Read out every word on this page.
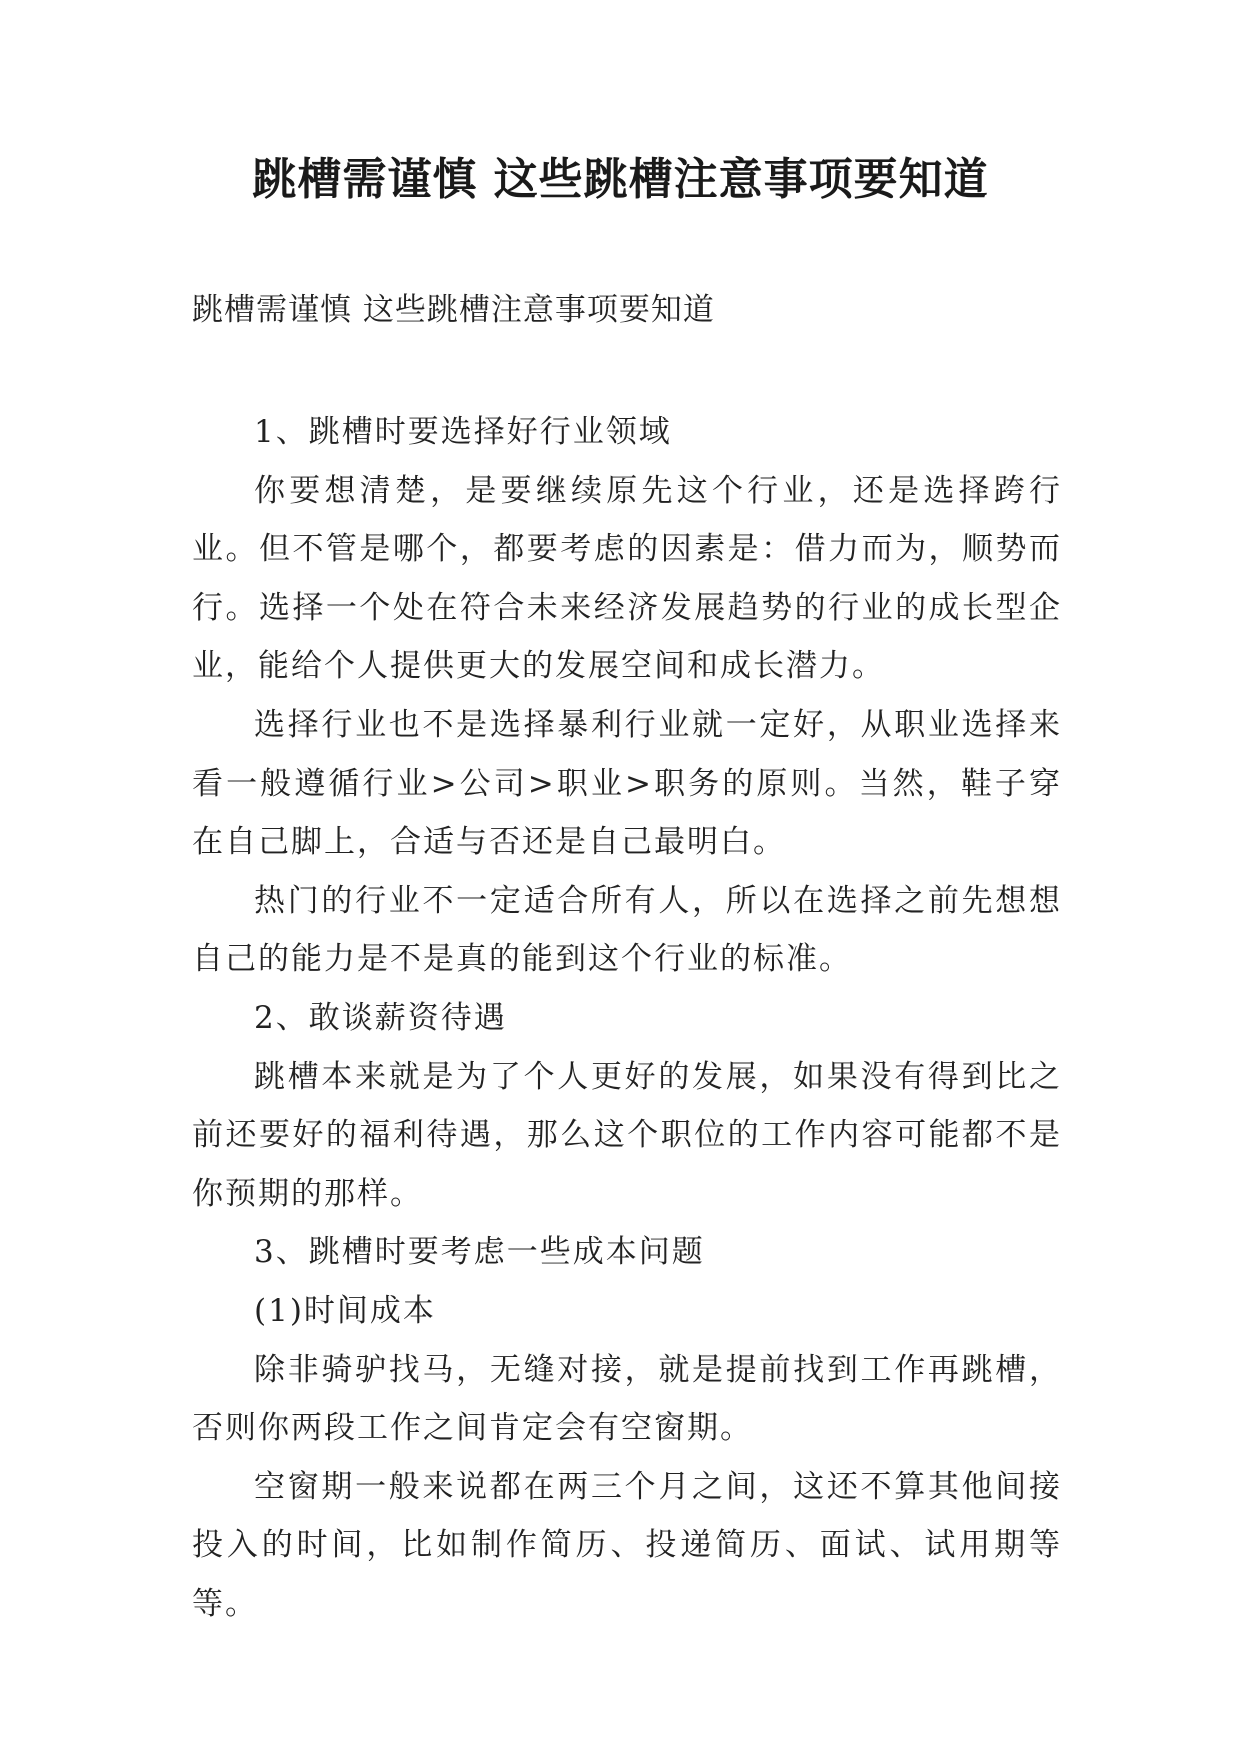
跳槽需谨慎 这些跳槽注意事项要知道
跳槽需谨慎 这些跳槽注意事项要知道

1、跳槽时要选择好行业领域

你要想清楚，是要继续原先这个行业，还是选择跨行业。但不管是哪个，都要考虑的因素是：借力而为，顺势而行。选择一个处在符合未来经济发展趋势的行业的成长型企业，能给个人提供更大的发展空间和成长潜力。

选择行业也不是选择暴利行业就一定好，从职业选择来看一般遵循行业>公司>职业>职务的原则。当然，鞋子穿在自己脚上，合适与否还是自己最明白。

热门的行业不一定适合所有人，所以在选择之前先想想自己的能力是不是真的能到这个行业的标准。

2、敢谈薪资待遇

跳槽本来就是为了个人更好的发展，如果没有得到比之前还要好的福利待遇，那么这个职位的工作内容可能都不是你预期的那样。

3、跳槽时要考虑一些成本问题

(1)时间成本

除非骑驴找马，无缝对接，就是提前找到工作再跳槽，否则你两段工作之间肯定会有空窗期。

空窗期一般来说都在两三个月之间，这还不算其他间接投入的时间，比如制作简历、投递简历、面试、试用期等等。
